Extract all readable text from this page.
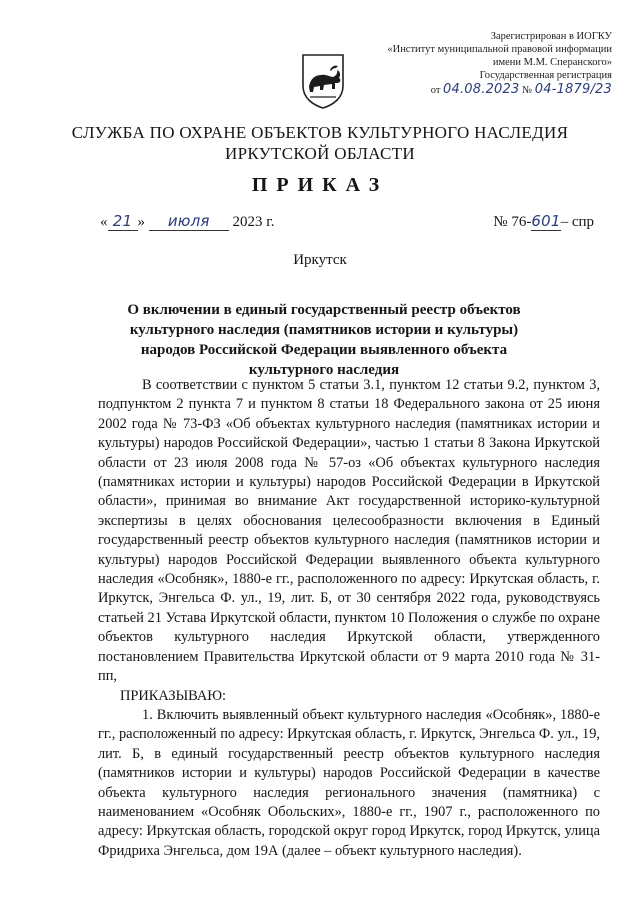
Зарегистрирован в ИОГКУ
«Институт муниципальной правовой информации
имени М.М. Сперанского»
Государственная регистрация
от 04.08.2023 № 04-1879/23
СЛУЖБА ПО ОХРАНЕ ОБЪЕКТОВ КУЛЬТУРНОГО НАСЛЕДИЯ
ИРКУТСКОЙ ОБЛАСТИ
ПРИКАЗ
« 21 » июля 2023 г.	№ 76-601– спр
Иркутск
О включении в единый государственный реестр объектов культурного наследия (памятников истории и культуры) народов Российской Федерации выявленного объекта культурного наследия

В соответствии с пунктом 5 статьи 3.1, пунктом 12 статьи 9.2, пунктом 3, подпунктом 2 пункта 7 и пунктом 8 статьи 18 Федерального закона от 25 июня 2002 года № 73-ФЗ «Об объектах культурного наследия (памятниках истории и культуры) народов Российской Федерации», частью 1 статьи 8 Закона Иркутской области от 23 июля 2008 года № 57-оз «Об объектах культурного наследия (памятниках истории и культуры) народов Российской Федерации в Иркутской области», принимая во внимание Акт государственной историко-культурной экспертизы в целях обоснования целесообразности включения в Единый государственный реестр объектов культурного наследия (памятников истории и культуры) народов Российской Федерации выявленного объекта культурного наследия «Особняк», 1880-е гг., расположенного по адресу: Иркутская область, г. Иркутск, Энгельса Ф. ул., 19, лит. Б, от 30 сентября 2022 года, руководствуясь статьей 21 Устава Иркутской области, пунктом 10 Положения о службе по охране объектов культурного наследия Иркутской области, утвержденного постановлением Правительства Иркутской области от 9 марта 2010 года № 31-пп,

ПРИКАЗЫВАЮ:

1. Включить выявленный объект культурного наследия «Особняк», 1880-е гг., расположенный по адресу: Иркутская область, г. Иркутск, Энгельса Ф. ул., 19, лит. Б, в единый государственный реестр объектов культурного наследия (памятников истории и культуры) народов Российской Федерации в качестве объекта культурного наследия регионального значения (памятника) с наименованием «Особняк Обольских», 1880-е гг., 1907 г., расположенного по адресу: Иркутская область, городской округ город Иркутск, город Иркутск, улица Фридриха Энгельса, дом 19А (далее – объект культурного наследия).
